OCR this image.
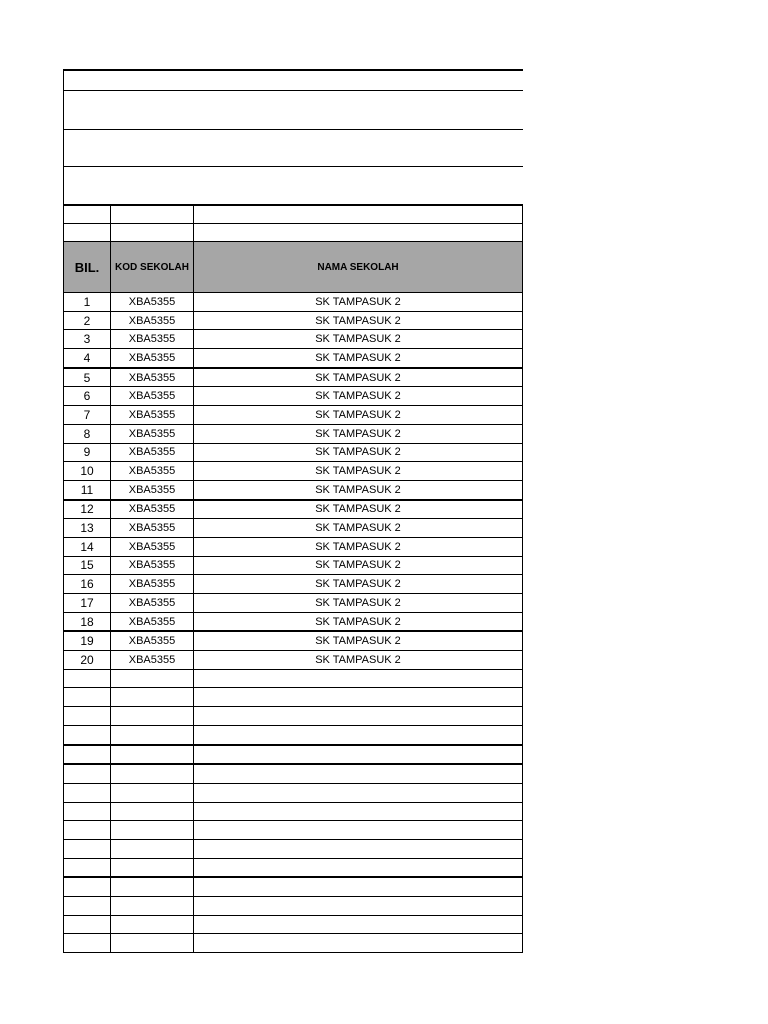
BIL.	KOD SEKOLAH	NAMA SEKOLAH
1	XBA5355	SK TAMPASUK 2
2	XBA5355	SK TAMPASUK 2
3	XBA5355	SK TAMPASUK 2
4	XBA5355	SK TAMPASUK 2
5	XBA5355	SK TAMPASUK 2
6	XBA5355	SK TAMPASUK 2
7	XBA5355	SK TAMPASUK 2
8	XBA5355	SK TAMPASUK 2
9	XBA5355	SK TAMPASUK 2
10	XBA5355	SK TAMPASUK 2
11	XBA5355	SK TAMPASUK 2
12	XBA5355	SK TAMPASUK 2
13	XBA5355	SK TAMPASUK 2
14	XBA5355	SK TAMPASUK 2
15	XBA5355	SK TAMPASUK 2
16	XBA5355	SK TAMPASUK 2
17	XBA5355	SK TAMPASUK 2
18	XBA5355	SK TAMPASUK 2
19	XBA5355	SK TAMPASUK 2
20	XBA5355	SK TAMPASUK 2
